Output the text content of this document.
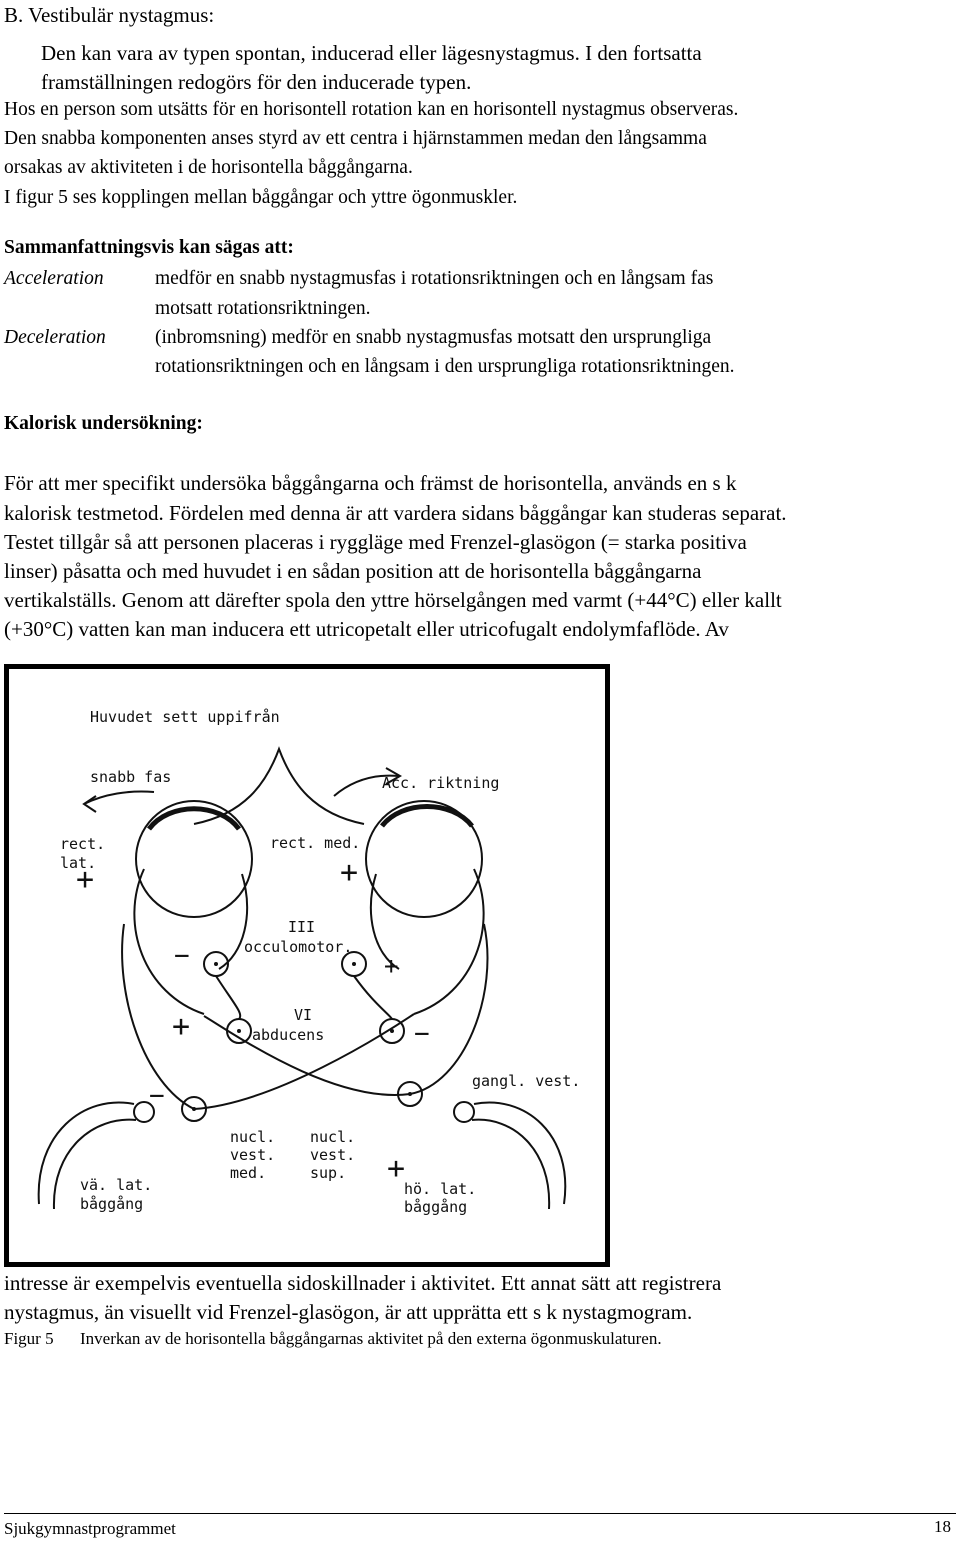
B. Vestibulär nystagmus:
Den kan vara av typen spontan, inducerad eller lägesnystagmus. I den fortsatta
framställningen redogörs för den inducerade typen.
Hos en person som utsätts för en horisontell rotation kan en horisontell nystagmus observeras.
Den snabba komponenten anses styrd av ett centra i hjärnstammen medan den långsamma
orsakas av aktiviteten i de horisontella båggångarna.
I figur 5 ses kopplingen mellan båggångar och yttre ögonmuskler.
Sammanfattningsvis kan sägas att:
Acceleration	medför en snabb nystagmusfas i rotationsriktningen och en långsam fas
motsatt rotationsriktningen.
Deceleration	(inbromsning) medför en snabb nystagmusfas motsatt den ursprungliga
rotationsriktningen och en långsam i den ursprungliga rotationsriktningen.
Kalorisk undersökning:
För att mer specifikt undersöka båggångarna och främst de horisontella, används en s k
kalorisk testmetod. Fördelen med denna är att vardera sidans båggångar kan studeras separat.
Testet tillgår så att personen placeras i ryggläge med Frenzel-glasögon (= starka positiva
linser) påsatta och med huvudet i en sådan position att de horisontella båggångarna
vertikalställs. Genom att därefter spola den yttre hörselgången med varmt (+44°C) eller kallt
(+30°C) vatten kan man inducera ett utricopetalt eller utricofugalt endolymfaflöde. Av
Huvudet sett uppifrån
snabb fas	Acc. riktning
rect.
lat.
rect. med.
III
occulomotor.
VI
abducens
gangl. vest.
nucl.
vest.
med.
nucl.
vest.
sup.
vä. lat.
båggång
hö. lat.
båggång
+	+
−	+
+	−
−
+
intresse är exempelvis eventuella sidoskillnader i aktivitet. Ett annat sätt att registrera
nystagmus, än visuellt vid Frenzel-glasögon, är att upprätta ett s k nystagmogram.
Figur 5 Inverkan av de horisontella båggångarnas aktivitet på den externa ögonmuskulaturen.
Sjukgymnastprogrammet	18
